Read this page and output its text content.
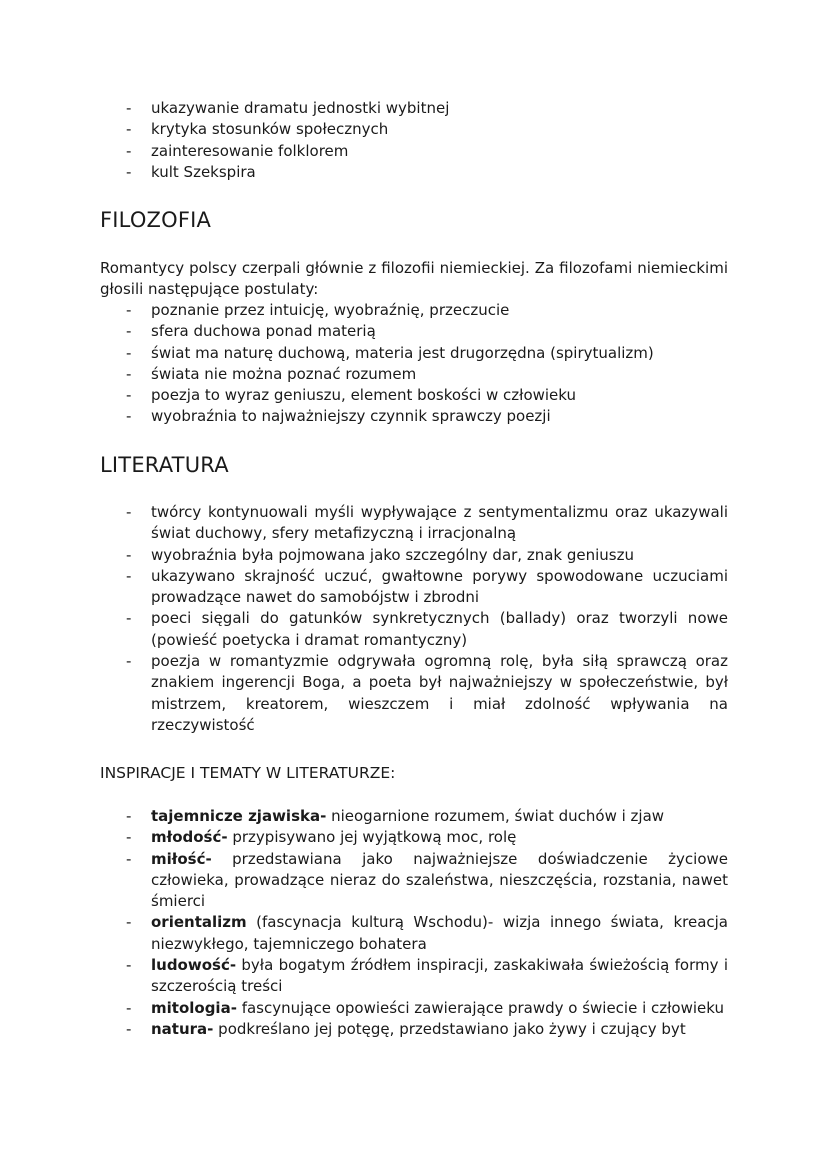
- ukazywanie dramatu jednostki wybitnej
- krytyka stosunków społecznych
- zainteresowanie folklorem
- kult Szekspira
FILOZOFIA

Romantycy polscy czerpali głównie z filozofii niemieckiej. Za filozofami niemieckimi głosili następujące postulaty:

- poznanie przez intuicję, wyobraźnię, przeczucie
- sfera duchowa ponad materią
- świat ma naturę duchową, materia jest drugorzędna (spirytualizm)
- świata nie można poznać rozumem
- poezja to wyraz geniuszu, element boskości w człowieku
- wyobraźnia to najważniejszy czynnik sprawczy poezji
LITERATURA
- twórcy kontynuowali myśli wypływające z sentymentalizmu oraz ukazywali świat duchowy, sfery metafizyczną i irracjonalną
- wyobraźnia była pojmowana jako szczególny dar, znak geniuszu
- ukazywano skrajność uczuć, gwałtowne porywy spowodowane uczuciami prowadzące nawet do samobójstw i zbrodni
- poeci sięgali do gatunków synkretycznych (ballady) oraz tworzyli nowe (powieść poetycka i dramat romantyczny)
- poezja w romantyzmie odgrywała ogromną rolę, była siłą sprawczą oraz znakiem ingerencji Boga, a poeta był najważniejszy w społeczeństwie, był mistrzem, kreatorem, wieszczem i miał zdolność wpływania na rzeczywistość

INSPIRACJE I TEMATY W LITERATURZE:

- tajemnicze zjawiska- nieogarnione rozumem, świat duchów i zjaw
- młodość- przypisywano jej wyjątkową moc, rolę
- miłość- przedstawiana jako najważniejsze doświadczenie życiowe człowieka, prowadzące nieraz do szaleństwa, nieszczęścia, rozstania, nawet śmierci
- orientalizm (fascynacja kulturą Wschodu)- wizja innego świata, kreacja niezwykłego, tajemniczego bohatera
- ludowość- była bogatym źródłem inspiracji, zaskakiwała świeżością formy i szczerością treści
- mitologia- fascynujące opowieści zawierające prawdy o świecie i człowieku
- natura- podkreślano jej potęgę, przedstawiano jako żywy i czujący byt
